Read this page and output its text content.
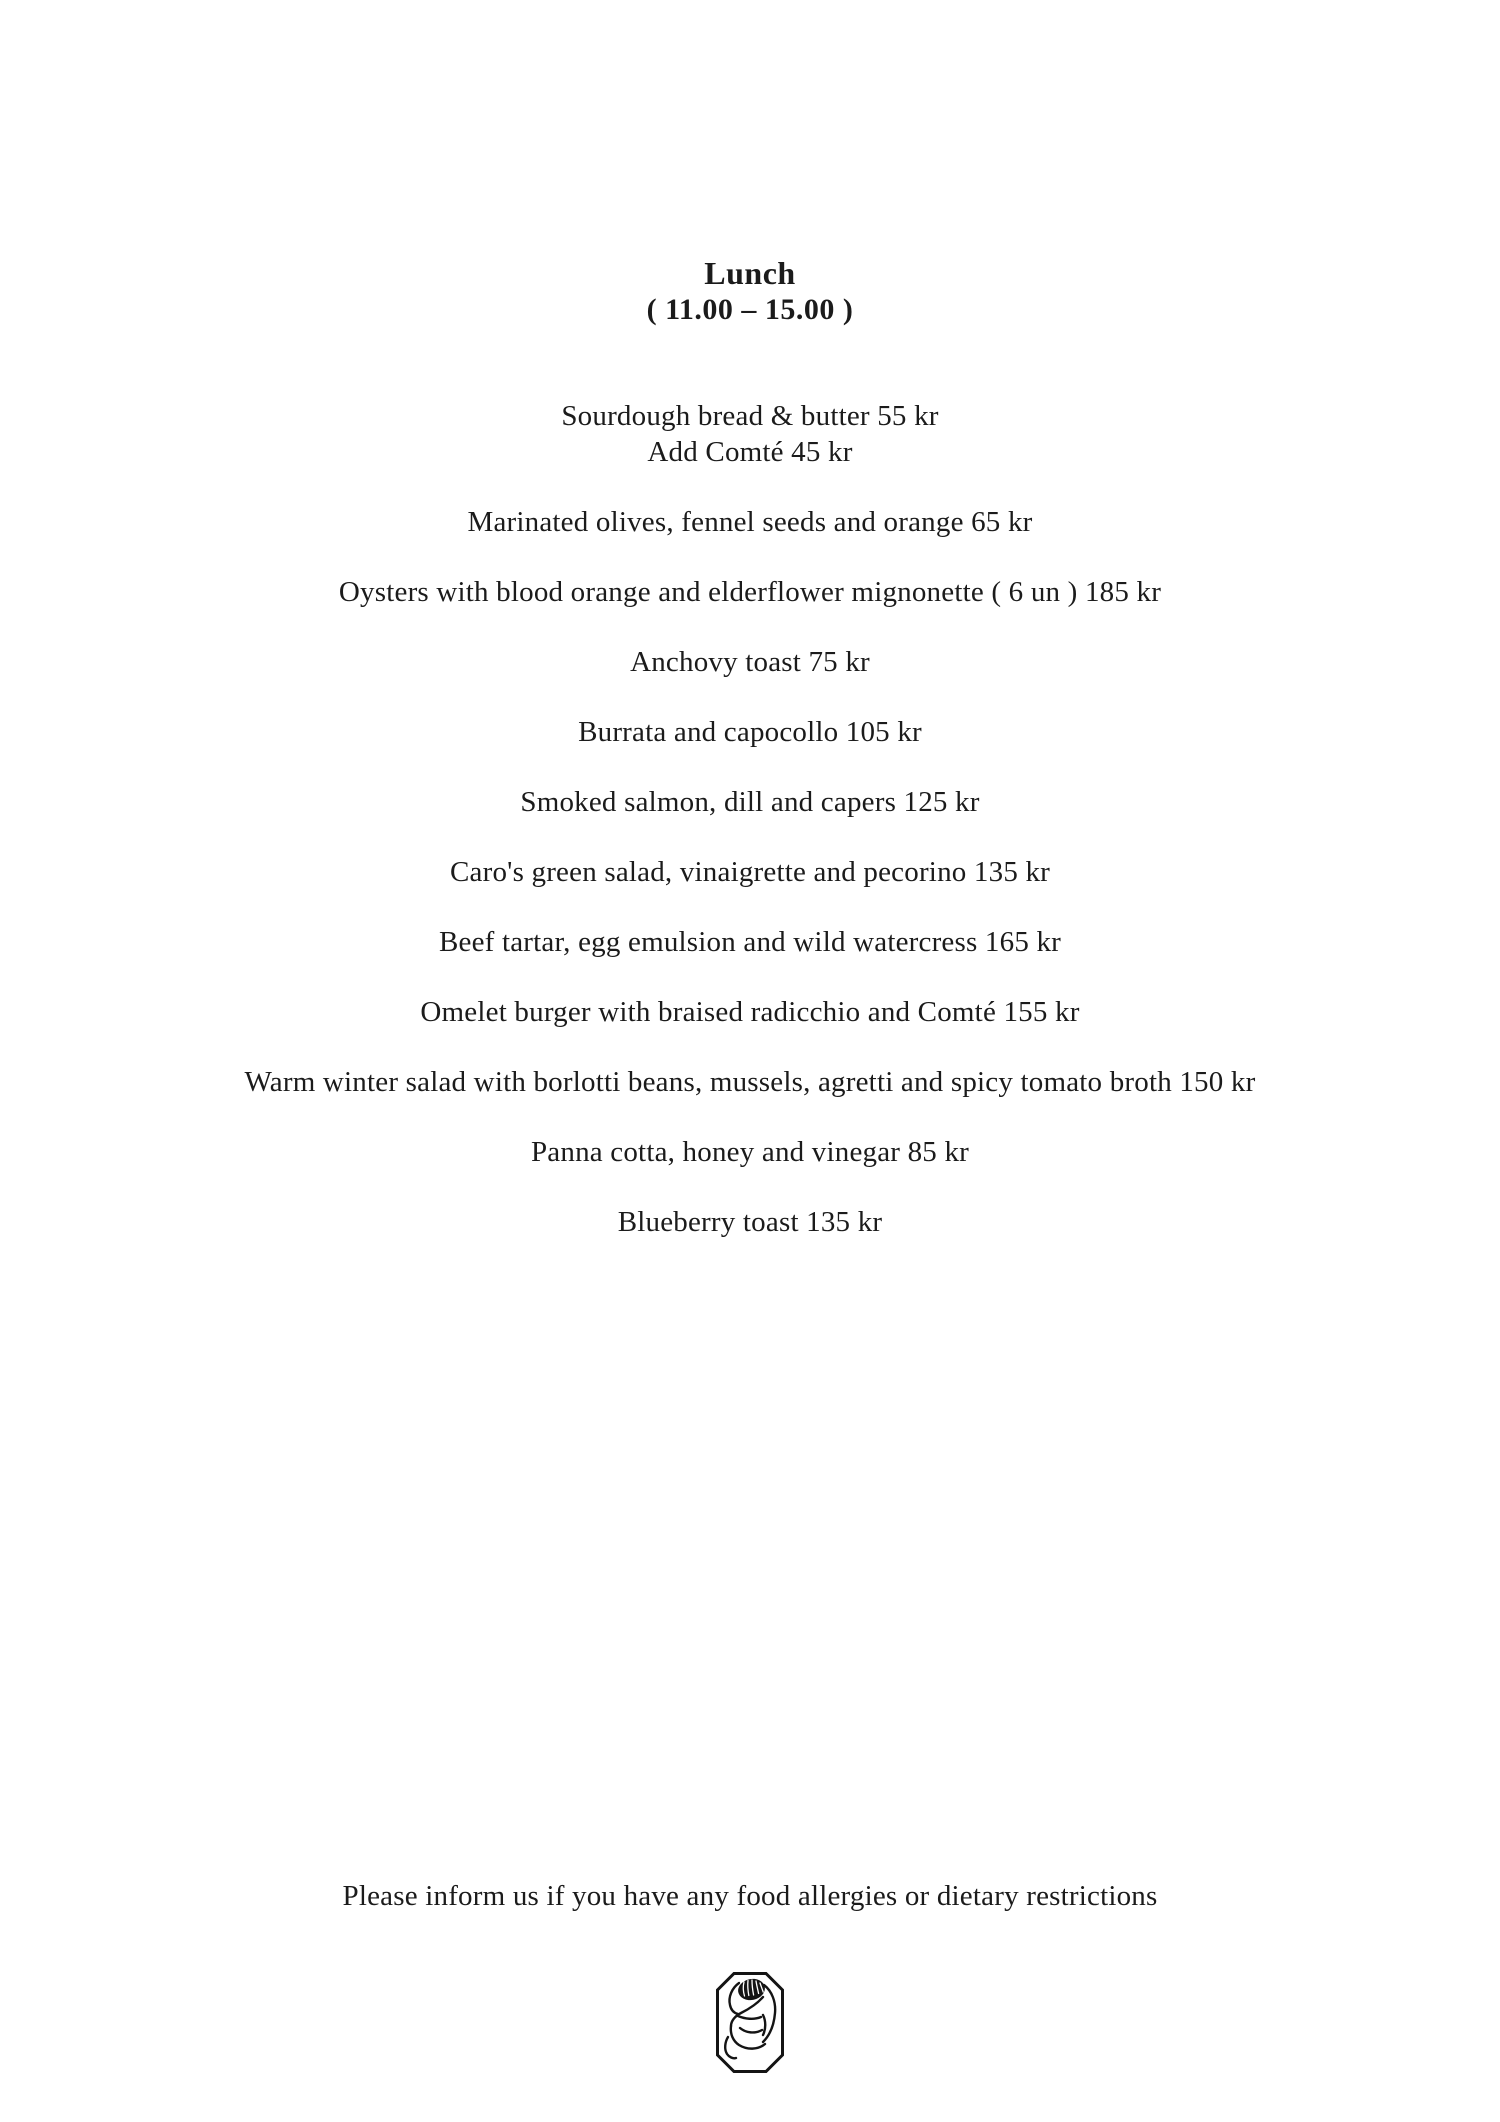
Lunch
( 11.00 – 15.00 )
Sourdough bread & butter 55 kr
Add Comté 45 kr
Marinated olives, fennel seeds and orange 65 kr
Oysters with blood orange and elderflower mignonette ( 6 un ) 185 kr
Anchovy toast 75 kr
Burrata and capocollo 105 kr
Smoked salmon, dill and capers 125 kr
Caro's green salad, vinaigrette and pecorino 135 kr
Beef tartar, egg emulsion and wild watercress 165 kr
Omelet burger with braised radicchio and Comté 155 kr
Warm winter salad with borlotti beans, mussels, agretti and spicy tomato broth 150 kr
Panna cotta, honey and vinegar 85 kr
Blueberry toast 135 kr
Please inform us if you have any food allergies or dietary restrictions
